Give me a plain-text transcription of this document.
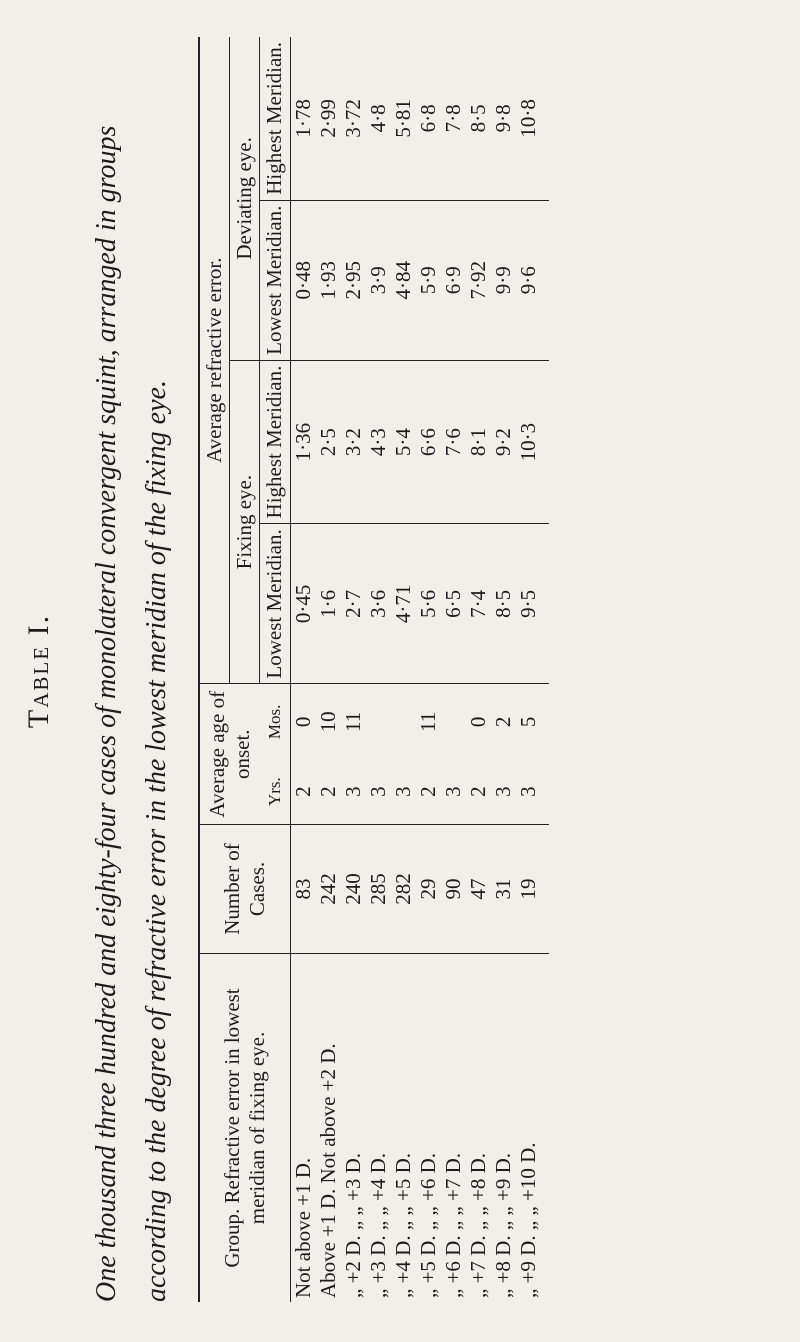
Table I.	One thousand three hundred and eighty-four cases of monolateral convergent squint, arranged in groups according to the degree of refractive error in the lowest meridian of the fixing eye.	Group. Refractive error in lowest meridian of fixing eye.	Number of Cases.	Average age of onset.		Average refractive error.			
				Fixing eye.		Deviating eye.	
		Yrs.	Mos.	Lowest Meridian.	Highest Meridian.	Lowest Meridian.	Highest Meridian.
Not above +1 D.	83	2	0	0·45	1·36	0·48	1·78
Above +1 D. Not above +2 D.	242	2	10	1·6	2·5	1·93	2·99
„ +2 D. „ „ +3 D.	240	3	11	2·7	3·2	2·95	3·72
„ +3 D. „ „ +4 D.	285	3		3·6	4·3	3·9	4·8
„ +4 D. „ „ +5 D.	282	3		4·71	5·4	4·84	5·81
„ +5 D. „ „ +6 D.	29	2	11	5·6	6·6	5·9	6·8
„ +6 D. „ „ +7 D.	90	3		6·5	7·6	6·9	7·8
„ +7 D. „ „ +8 D.	47	2	0	7·4	8·1	7·92	8·5
„ +8 D. „ „ +9 D.	31	3	2	8·5	9·2	9·9	9·8
„ +9 D. „ „ +10 D.	19	3	5	9·5	10·3	9·6	10·8
